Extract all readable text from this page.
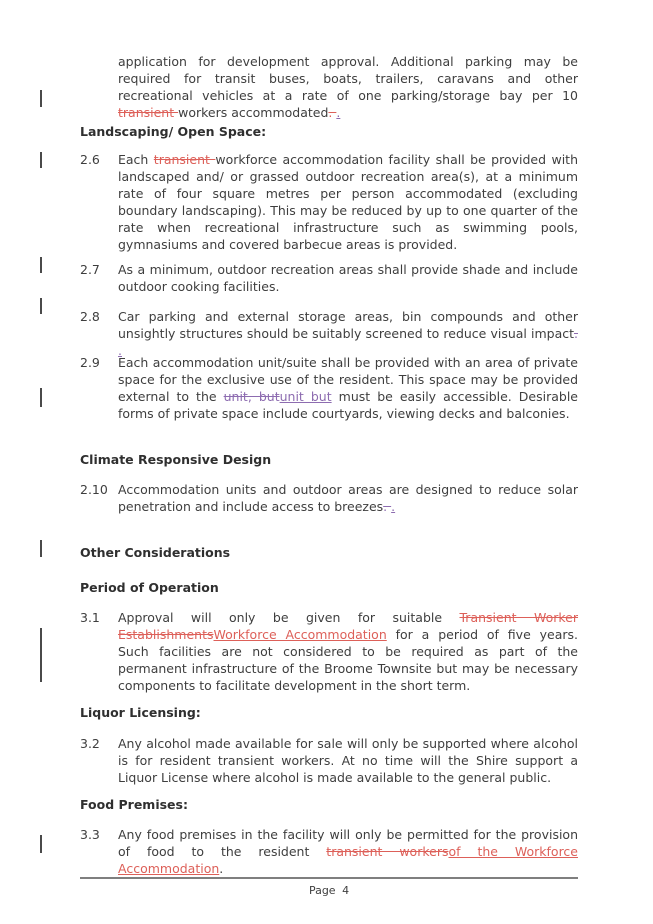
application for development approval. Additional parking may be required for transit buses, boats, trailers, caravans and other recreational vehicles at a rate of one parking/storage bay per 10 transient workers accommodated. .
Landscaping/ Open Space:
2.6 Each transient workforce accommodation facility shall be provided with landscaped and/ or grassed outdoor recreation area(s), at a minimum rate of four square metres per person accommodated (excluding boundary landscaping). This may be reduced by up to one quarter of the rate when recreational infrastructure such as swimming pools, gymnasiums and covered barbecue areas is provided.
2.7 As a minimum, outdoor recreation areas shall provide shade and include outdoor cooking facilities.
2.8 Car parking and external storage areas, bin compounds and other unsightly structures should be suitably screened to reduce visual impact. .
2.9 Each accommodation unit/suite shall be provided with an area of private space for the exclusive use of the resident. This space may be provided external to the unit, butunit but must be easily accessible. Desirable forms of private space include courtyards, viewing decks and balconies.
Climate Responsive Design
2.10 Accommodation units and outdoor areas are designed to reduce solar penetration and include access to breezes. .
Other Considerations
Period of Operation
3.1 Approval will only be given for suitable Transient Worker EstablishmentsWorkforce Accommodation for a period of five years. Such facilities are not considered to be required as part of the permanent infrastructure of the Broome Townsite but may be necessary components to facilitate development in the short term.
Liquor Licensing:
3.2 Any alcohol made available for sale will only be supported where alcohol is for resident transient workers. At no time will the Shire support a Liquor License where alcohol is made available to the general public.
Food Premises:
3.3 Any food premises in the facility will only be permitted for the provision of food to the resident transient workersof the Workforce Accommodation.
Page 4
